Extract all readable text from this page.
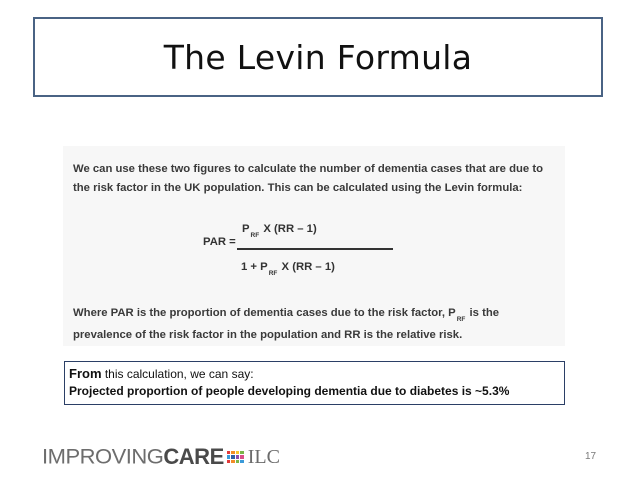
The Levin Formula
We can use these two figures to calculate the number of dementia cases that are due to the risk factor in the UK population. This can be calculated using the Levin formula:
PAR =
$P_{RF}$ X (RR – 1)
$1 + P_{RF}$ X (RR – 1)
Where PAR is the proportion of dementia cases due to the risk factor, $P_{RF}$ is the prevalence of the risk factor in the population and RR is the relative risk.
From this calculation, we can say:
Projected proportion of people developing dementia due to diabetes is ~5.3%
IMPROVING CARE ILC	17
